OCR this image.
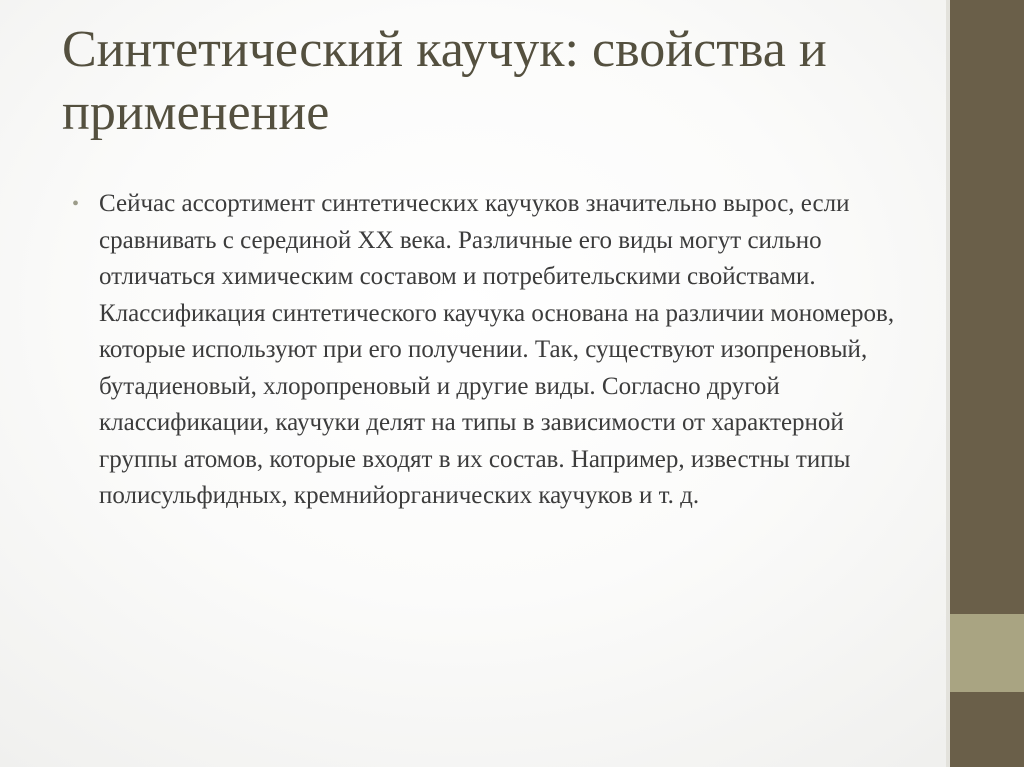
Синтетический каучук: свойства и применение
• Сейчас ассортимент синтетических каучуков значительно вырос, если сравнивать с серединой XX века. Различные его виды могут сильно отличаться химическим составом и потребительскими свойствами. Классификация синтетического каучука основана на различии мономеров, которые используют при его получении. Так, существуют изопреновый, бутадиеновый, хлоропреновый и другие виды. Согласно другой классификации, каучуки делят на типы в зависимости от характерной группы атомов, которые входят в их состав. Например, известны типы полисульфидных, кремнийорганических каучуков и т. д.
